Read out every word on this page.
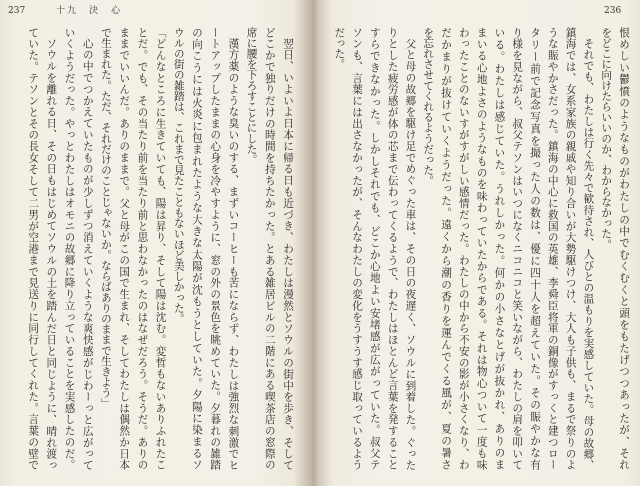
237	十九　決　心	236

翌日、いよいよ日本に帰る日も近づき、わたしは漫然とソウルの街中を歩き、そして

どこかで独りだけの時間を持ちたかった。とある雑居ビルの二階にある喫茶店の窓際の

席に腰を下ろすことにした。

漢方薬のような臭いのする、まずいコーヒーも苦にならず、わたしは強烈な刺激でヒ

ートアップしたままの心身を冷やすように、窓の外の景色を眺めていた。夕暮れの雑踏

の向こうには火炎に包まれたような大きな太陽が沈もうとしていた。夕陽に染まるソ

ウルの街の雑踏は、これまで見たこともないほど美しかった。

「どんなところに生きていても、陽は昇り、そして陽は沈む。変哲もないありふれたこ

とだ。でも、その当たり前を当たり前と思わなかったのはなぜだろう。そうだ。ありの

ままでいいんだ。ありのままで。父と母がこの国で生まれ、そしてわたしは偶然か日本

で生まれた。ただ、それだけのことじゃないか。ならばありのままで生きよう」

心の中でつかえていたものが少しずつ消えていくような爽快感がじわーっと広がって

いくようだった。やっとわたしはオモニの故郷に降り立っていることを実感したのだ。

ソウルを離れる日、その日もはじめてソウルの土を踏んだ日と同じように、晴れ渡っ

ていた。テソンとその長女そして二男が空港まで見送りに同行してくれた。言葉の壁で	恨めしい鬱憤のようなものがわたしの中でむくむくと頭をもたげつつあったが、それ

をどこに向けたらいいのか、わからなかった。

それでも、わたしは行く先々で歓待され、人びとの温もりを実感していた。母の故郷、

鎮海では、女系家族の親戚や知り合いが大勢駆けつけ、大人も子供も、まるで祭りのよ

うな賑やかさだった。鎮海の中心に救国の英雄、李舜臣将軍の銅像がすっくと建つロー

タリー前で記念写真を撮った人の数は、優に四十人を超えていた。その賑やかな有

り様を見ながら、叔父テソンはいつになくニコニコと笑いながら、わたしの肩を叩いて

いる。わたしは感じていた。うれしかった。何かの小さなとげが抜かれ、ありのま

まいる心地よさのようなものを味わっていたからである。それは物心ついて一度も味

わったことのないすがすがしい感情だった。わたしの中から不安の影が小さくなり、わ

だかまりが抜けていくようだった。遠くから潮の香りを運んでくる風が、夏の暑さ

を忘れさせてくれるようだった。

父と母の故郷を駆け足でめぐった車は、その日の夜遅く、ソウルに到着した。ぐった

りとした疲労感が体の芯まで伝わってくるようで、わたしはほとんど言葉を発すること

すらできなかった。しかしそれでも、どこか心地よい安堵感が広がっていた。叔父テ

ソンも、言葉には出さなかったが、そんなわたしの変化をうすうす感じ取っているよう

だった。
